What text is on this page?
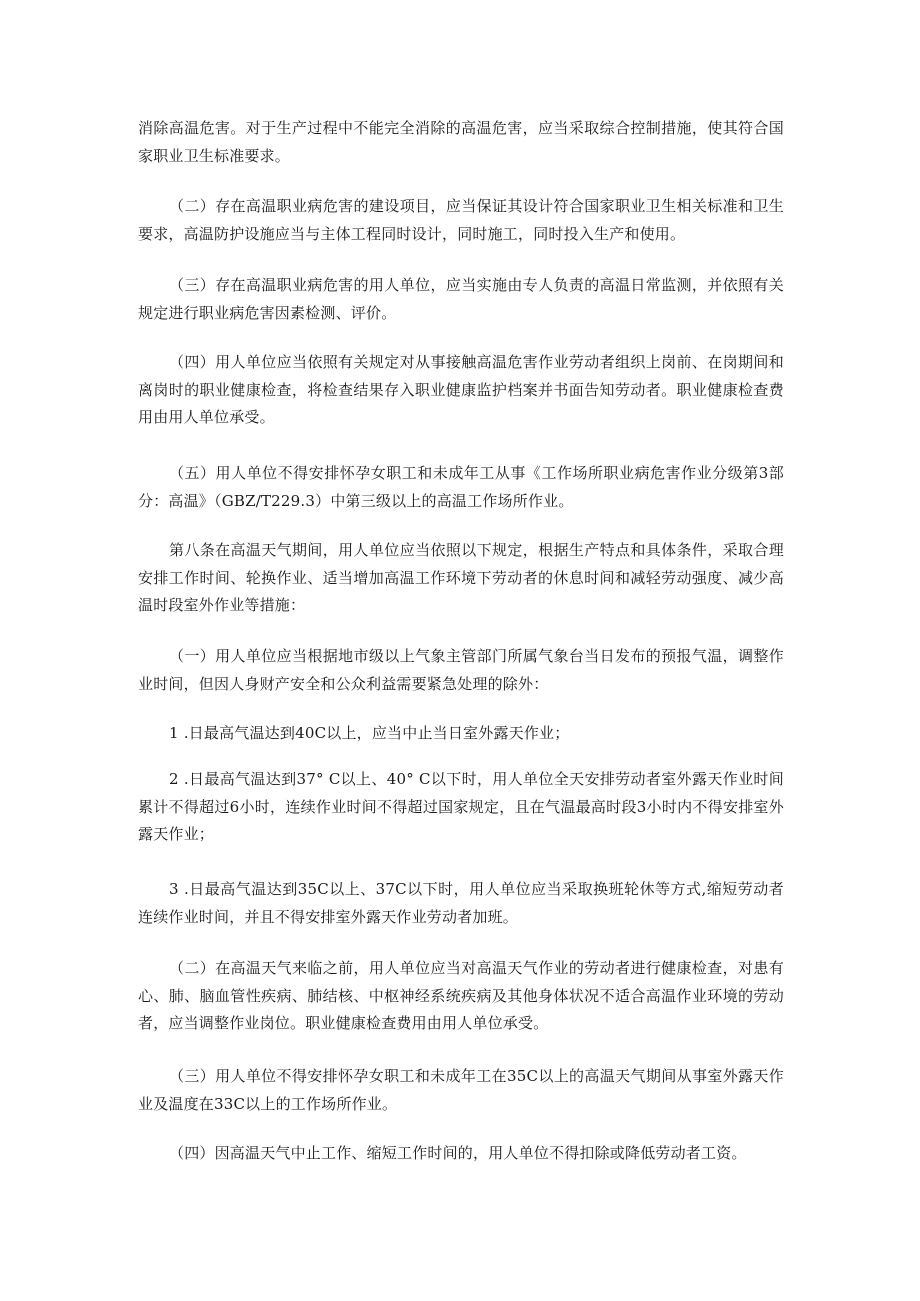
消除高温危害。对于生产过程中不能完全消除的高温危害，应当采取综合控制措施，使其符合国家职业卫生标准要求。

（二）存在高温职业病危害的建设项目，应当保证其设计符合国家职业卫生相关标准和卫生要求，高温防护设施应当与主体工程同时设计，同时施工，同时投入生产和使用。

（三）存在高温职业病危害的用人单位，应当实施由专人负责的高温日常监测，并依照有关规定进行职业病危害因素检测、评价。

（四）用人单位应当依照有关规定对从事接触高温危害作业劳动者组织上岗前、在岗期间和离岗时的职业健康检查，将检查结果存入职业健康监护档案并书面告知劳动者。职业健康检查费用由用人单位承受。

（五）用人单位不得安排怀孕女职工和未成年工从事《工作场所职业病危害作业分级第3部分：高温》（GBZ/T229.3）中第三级以上的高温工作场所作业。

第八条在高温天气期间，用人单位应当依照以下规定，根据生产特点和具体条件，采取合理安排工作时间、轮换作业、适当增加高温工作环境下劳动者的休息时间和减轻劳动强度、减少高温时段室外作业等措施：

（一）用人单位应当根据地市级以上气象主管部门所属气象台当日发布的预报气温，调整作业时间，但因人身财产安全和公众利益需要紧急处理的除外：

1 .日最高气温达到40C以上，应当中止当日室外露天作业；

2 .日最高气温达到37° C以上、40° C以下时，用人单位全天安排劳动者室外露天作业时间累计不得超过6小时，连续作业时间不得超过国家规定，且在气温最高时段3小时内不得安排室外露天作业；

3 .日最高气温达到35C以上、37C以下时，用人单位应当采取换班轮休等方式,缩短劳动者连续作业时间，并且不得安排室外露天作业劳动者加班。

（二）在高温天气来临之前，用人单位应当对高温天气作业的劳动者进行健康检查，对患有心、肺、脑血管性疾病、肺结核、中枢神经系统疾病及其他身体状况不适合高温作业环境的劳动者，应当调整作业岗位。职业健康检查费用由用人单位承受。

（三）用人单位不得安排怀孕女职工和未成年工在35C以上的高温天气期间从事室外露天作业及温度在33C以上的工作场所作业。

（四）因高温天气中止工作、缩短工作时间的，用人单位不得扣除或降低劳动者工资。
